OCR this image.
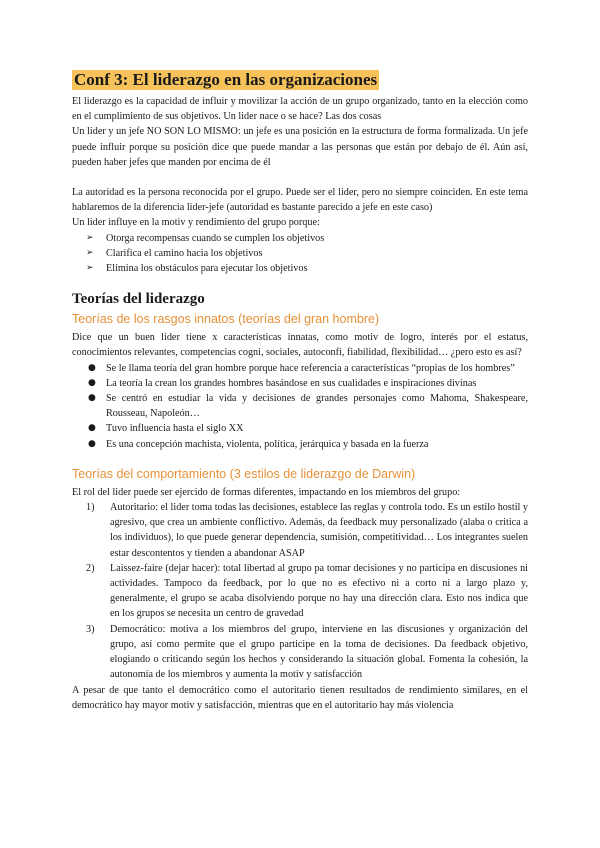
Conf 3: El liderazgo en las organizaciones

El liderazgo es la capacidad de influir y movilizar la acción de un grupo organizado, tanto en la elección como en el cumplimiento de sus objetivos. Un lider nace o se hace? Las dos cosas

Un lider y un jefe NO SON LO MISMO: un jefe es una posición en la estructura de forma formalizada. Un jefe puede influir porque su posición dice que puede mandar a las personas que están por debajo de él. Aún así, pueden haber jefes que manden por encima de él

La autoridad es la persona reconocida por el grupo. Puede ser el lider, pero no siempre coinciden. En este tema hablaremos de la diferencia lider-jefe (autoridad es bastante parecido a jefe en este caso)

Un lider influye en la motiv y rendimiento del grupo porque:

➢ Otorga recompensas cuando se cumplen los objetivos
➢ Clarifica el camino hacia los objetivos
➢ Elimina los obstáculos para ejecutar los objetivos
Teorías del liderazgo
Teorías de los rasgos innatos (teorías del gran hombre)

Dice que un buen lider tiene x características innatas, como motiv de logro, interés por el estatus, conocimientos relevantes, competencias cogni, sociales, autoconfi, fiabilidad, flexibilidad… ¿pero esto es así?

● Se le llama teoría del gran hombre porque hace referencia a características “propias de los hombres”
● La teoría la crean los grandes hombres basándose en sus cualidades e inspiraciones divinas
● Se centró en estudiar la vida y decisiones de grandes personajes como Mahoma, Shakespeare, Rousseau, Napoleón…
● Tuvo influencia hasta el siglo XX
● Es una concepción machista, violenta, política, jerárquica y basada en la fuerza
Teorías del comportamiento (3 estilos de liderazgo de Darwin)

El rol del lider puede ser ejercido de formas diferentes, impactando en los miembros del grupo:

1) Autoritario: el lider toma todas las decisiones, establece las reglas y controla todo. Es un estilo hostil y agresivo, que crea un ambiente conflictivo. Además, da feedback muy personalizado (alaba o critica a los individuos), lo que puede generar dependencia, sumisión, competitividad… Los integrantes suelen estar descontentos y tienden a abandonar ASAP
2) Laissez-faire (dejar hacer): total libertad al grupo pa tomar decisiones y no participa en discusiones ni actividades. Tampoco da feedback, por lo que no es efectivo ni a corto ni a largo plazo y, generalmente, el grupo se acaba disolviendo porque no hay una dirección clara. Esto nos indica que en los grupos se necesita un centro de gravedad
3) Democrático: motiva a los miembros del grupo, interviene en las discusiones y organización del grupo, así como permite que el grupo participe en la toma de decisiones. Da feedback objetivo, elogiando o criticando según los hechos y considerando la situación global. Fomenta la cohesión, la autonomía de los miembros y aumenta la motiv y satisfacción

A pesar de que tanto el democrático como el autoritario tienen resultados de rendimiento similares, en el democrático hay mayor motiv y satisfacción, mientras que en el autoritario hay más violencia
